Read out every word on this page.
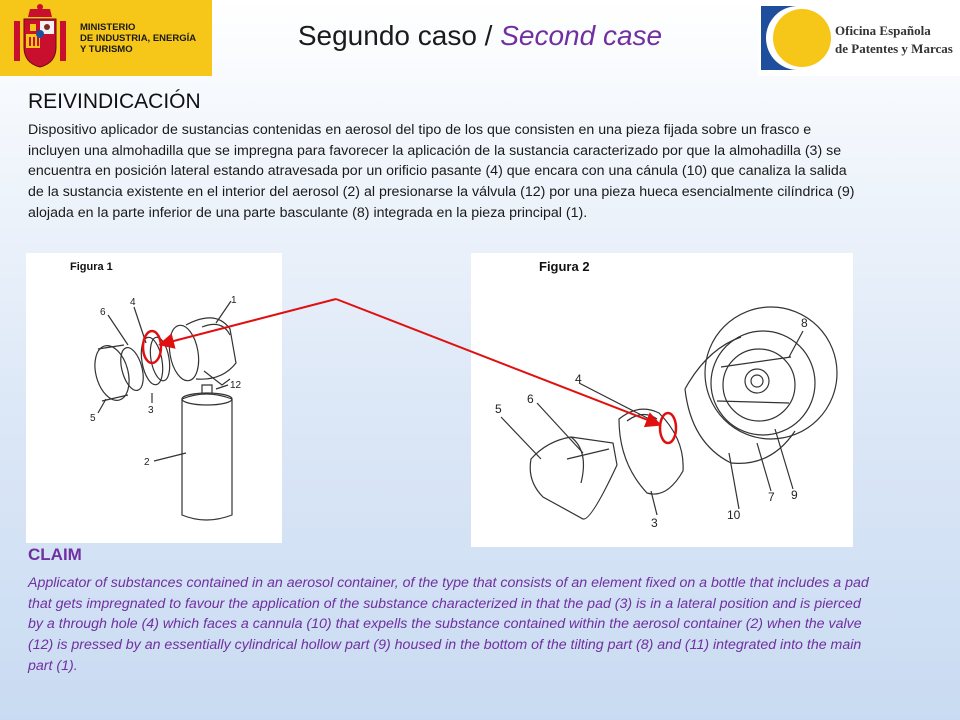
MINISTERIO
DE INDUSTRIA, ENERGÍA
Y TURISMO	Segundo caso / Second case	Oficina Española
de Patentes y Marcas
REIVINDICACIÓN
Dispositivo aplicador de sustancias contenidas en aerosol del tipo de los que consisten en una pieza fijada sobre un frasco e incluyen una almohadilla que se impregna para favorecer la aplicación de la sustancia caracterizado por que la almohadilla (3) se encuentra en posición lateral estando atravesada por un orificio pasante (4) que encara con una cánula (10) que canaliza la salida de la sustancia existente en el interior del aerosol (2) al presionarse la válvula (12) por una pieza hueca esencialmente cilíndrica (9) alojada en la parte inferior de una parte basculante (8) integrada en la pieza principal (1).
Figura 1
6
4	1
5
3
12
2
Figura 2
5
6
4
3
10
7 9
8
CLAIM
Applicator of substances contained in an aerosol container, of the type that consists of an element fixed on a bottle that includes a pad that gets impregnated to favour the application of the substance characterized in that the pad (3) is in a lateral position and is pierced by a through hole (4) which faces a cannula (10) that expells the substance contained within the aerosol container (2) when the valve (12) is pressed by an essentially cylindrical hollow part (9) housed in the bottom of the tilting part (8) and (11) integrated into the main part (1).
